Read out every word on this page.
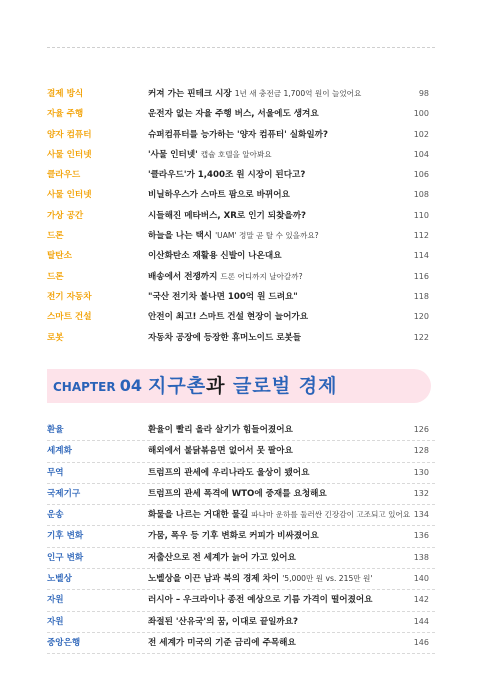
결제 방식	커져 가는 핀테크 시장 1년 새 충전금 1,700억 원이 늘었어요	98
자율 주행	운전자 없는 자율 주행 버스, 서울에도 생겨요	100
양자 컴퓨터	슈퍼컴퓨터를 능가하는 '양자 컴퓨터' 실화일까?	102
사물 인터넷	'사물 인터넷' 캡슐 호텔을 알아봐요	104
클라우드	'클라우드'가 1,400조 원 시장이 된다고?	106
사물 인터넷	비닐하우스가 스마트 팜으로 바뀌어요	108
가상 공간	시들해진 메타버스, XR로 인기 되찾을까?	110
드론	하늘을 나는 택시 'UAM' 정말 곧 탈 수 있을까요?	112
탈탄소	이산화탄소 재활용 신발이 나온대요	114
드론	배송에서 전쟁까지 드론 어디까지 날아갈까?	116
전기 자동차	"국산 전기차 불나면 100억 원 드려요"	118
스마트 건설	안전이 최고! 스마트 건설 현장이 늘어가요	120
로봇	자동차 공장에 등장한 휴머노이드 로봇들	122
CHAPTER 04 지구촌과 글로벌 경제
환율	환율이 빨리 올라 살기가 힘들어졌어요	126
세계화	해외에서 불닭볶음면 없어서 못 팔아요	128
무역	트럼프의 관세에 우리나라도 울상이 됐어요	130
국제기구	트럼프의 관세 폭격에 WTO에 중재를 요청해요	132
운송	화물을 나르는 거대한 물길 파나마 운하를 둘러싼 긴장감이 고조되고 있어요 134
기후 변화	가뭄, 폭우 등 기후 변화로 커피가 비싸졌어요	136
인구 변화	저출산으로 전 세계가 늙어 가고 있어요	138
노벨상	노벨상을 이끈 남과 북의 경제 차이 '5,000만 원 vs. 215만 원'	140
자원	러시아 – 우크라이나 종전 예상으로 기름 가격이 떨어졌어요	142
자원	좌절된 '산유국'의 꿈, 이대로 끝일까요?	144
중앙은행	전 세계가 미국의 기준 금리에 주목해요	146
